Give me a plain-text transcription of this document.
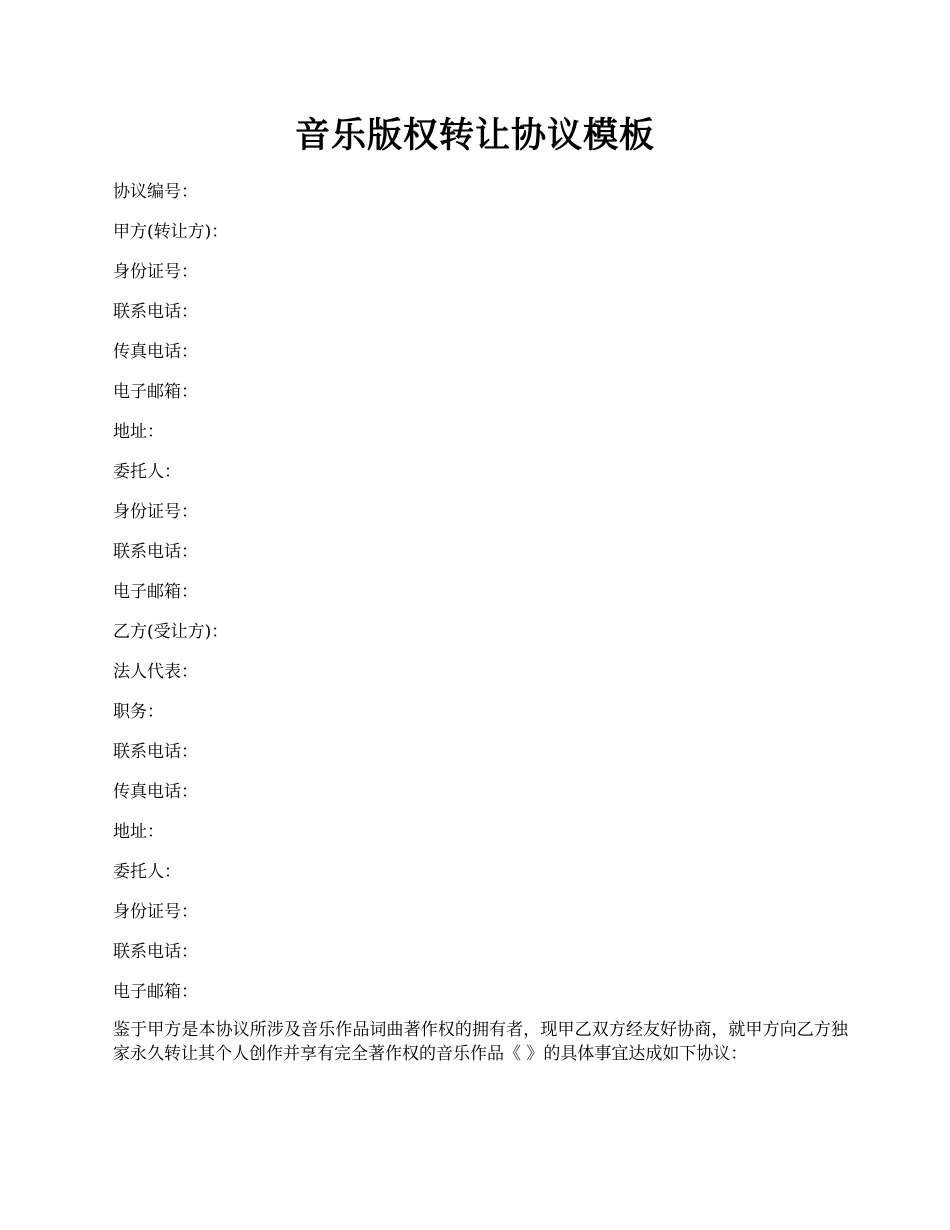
音乐版权转让协议模板
协议编号：
甲方(转让方)：
身份证号：
联系电话：
传真电话：
电子邮箱：
地址：
委托人：
身份证号：
联系电话：
电子邮箱：
乙方(受让方)：
法人代表：
职务：
联系电话：
传真电话：
地址：
委托人：
身份证号：
联系电话：
电子邮箱：

鉴于甲方是本协议所涉及音乐作品词曲著作权的拥有者，现甲乙双方经友好协商，就甲方向乙方独家永久转让其个人创作并享有完全著作权的音乐作品《 》的具体事宜达成如下协议：
